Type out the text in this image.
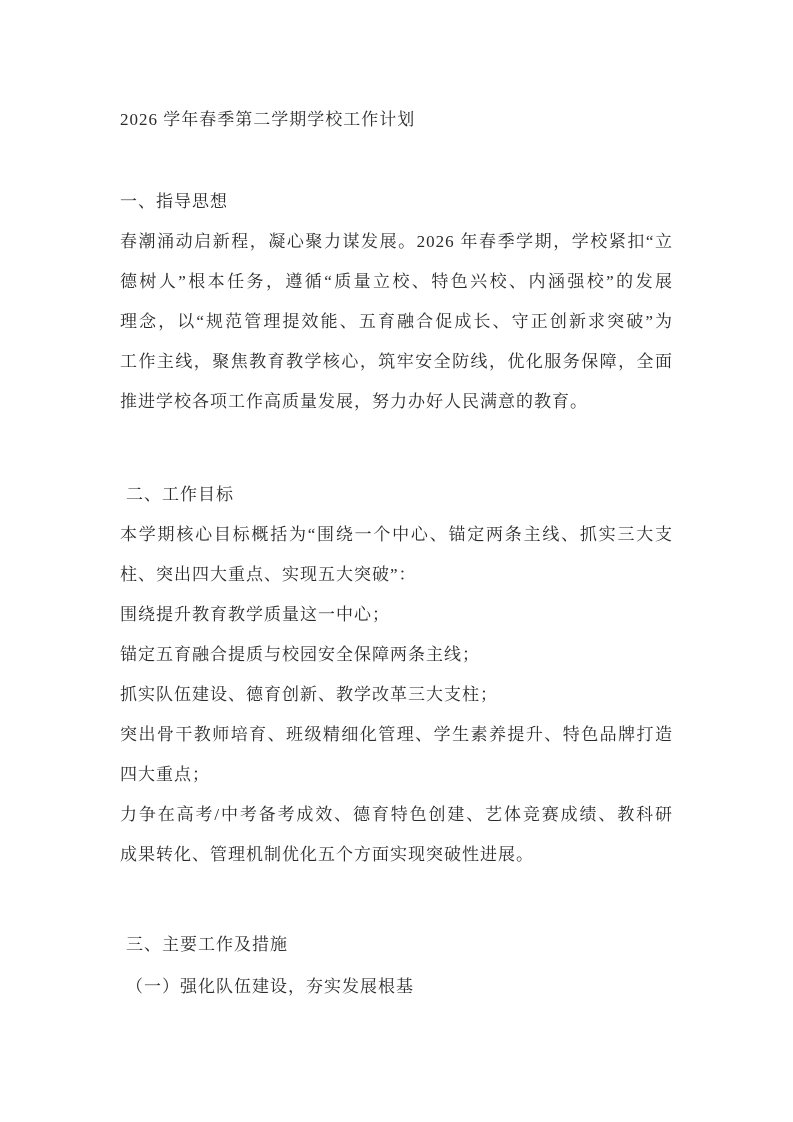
2026 学年春季第二学期学校工作计划
一、指导思想
春潮涌动启新程，凝心聚力谋发展。2026 年春季学期，学校紧扣“立
德树人”根本任务，遵循“质量立校、特色兴校、内涵强校”的发展
理念，以“规范管理提效能、五育融合促成长、守正创新求突破”为
工作主线，聚焦教育教学核心，筑牢安全防线，优化服务保障，全面
推进学校各项工作高质量发展，努力办好人民满意的教育。
二、工作目标
本学期核心目标概括为“围绕一个中心、锚定两条主线、抓实三大支
柱、突出四大重点、实现五大突破”：
围绕提升教育教学质量这一中心；
锚定五育融合提质与校园安全保障两条主线；
抓实队伍建设、德育创新、教学改革三大支柱；
突出骨干教师培育、班级精细化管理、学生素养提升、特色品牌打造
四大重点；
力争在高考/中考备考成效、德育特色创建、艺体竞赛成绩、教科研
成果转化、管理机制优化五个方面实现突破性进展。
三、主要工作及措施
（一）强化队伍建设，夯实发展根基
